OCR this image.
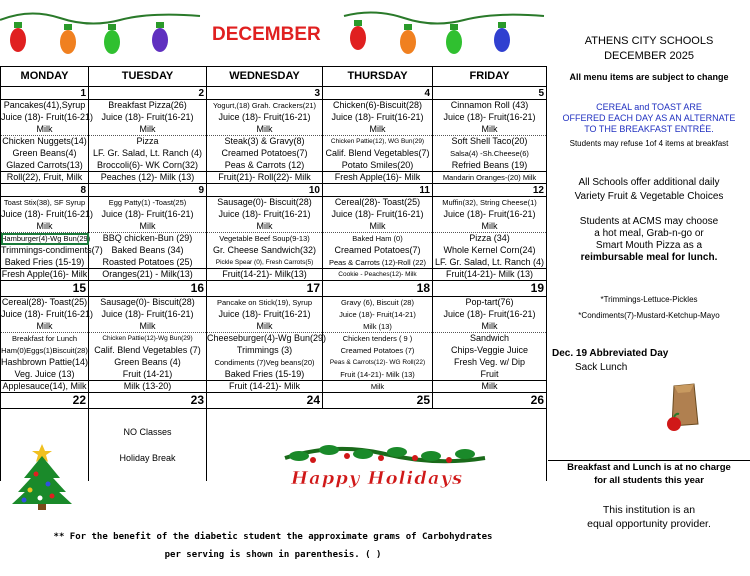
DECEMBER	ATHENS CITY SCHOOLS
DECEMBER 2025
MONDAY	TUESDAY	WEDNESDAY	THURSDAY	FRIDAY
1	2	3	4	5
Pancakes(41),Syrup	Breakfast Pizza(26)	Yogurt,(18) Grah. Crackers(21)	Chicken(6)-Biscuit(28)	Cinnamon Roll (43)
Juice (18)- Fruit(16-21)	Juice (18)- Fruit(16-21)	Juice (18)- Fruit(16-21)	Juice (18)- Fruit(16-21)	Juice (18)- Fruit(16-21)
Milk	Milk	Milk	Milk	Milk
Chicken Nuggets(14)	Pizza	Steak(3) & Gravy(8)	Chicken Pattie(12), WG Bun(29)	Soft Shell Taco(20)
Green Beans(4)	LF. Gr. Salad, Lt. Ranch (4)	Creamed Potatoes(7)	Calif. Blend Vegetables(7)	Salsa(4) -Sh.Cheese(6)
Glazed Carrots(13)	Broccoli(6)- WK Corn(32)	Peas & Carrots (12)	Potato Smiles(20)	Refried Beans (19)
Roll(22), Fruit, Milk	Peaches (12)- Milk (13)	Fruit(21)- Roll(22)- Milk	Fresh Apple(16)- Milk	Mandarin Oranges-(20) Milk
8	9	10	11	12
Toast Stix(38), SF Syrup	Egg Patty(1) -Toast(25)	Sausage(0)- Biscuit(28)	Cereal(28)- Toast(25)	Muffin(32), String Cheese(1)
Juice (18)- Fruit(16-21)	Juice (18)- Fruit(16-21)	Juice (18)- Fruit(16-21)	Juice (18)- Fruit(16-21)	Juice (18)- Fruit(16-21)
Milk	Milk	Milk	Milk	Milk
Hamburger(4)-Wg Bun(29)	BBQ chicken-Bun (29)	Vegetable Beef Soup(9-13)	Baked Ham (0)	Pizza (34)
Trimmings-condiments(7)	Baked Beans (34)	Gr. Cheese Sandwich(32)	Creamed Potatoes(7)	Whole Kernel Corn(24)
Baked Fries (15-19)	Roasted Potatoes (25)	Pickle Spear (0), Fresh Carrots(5)	Peas & Carrots (12)-Roll (22)	LF. Gr. Salad, Lt. Ranch (4)
Fresh Apple(16)- Milk	Oranges(21) - Milk(13)	Fruit(14-21)- Milk(13)	Cookie - Peaches(12)- Milk	Fruit(14-21)- Milk (13)
15	16	17	18	19
Cereal(28)- Toast(25)	Sausage(0)- Biscuit(28)	Pancake on Stick(19), Syrup	Gravy (6), Biscuit (28)	Pop-tart(76)
Juice (18)- Fruit(16-21)	Juice (18)- Fruit(16-21)	Juice (18)- Fruit(16-21)	Juice (18)- Fruit(14-21)	Juice (18)- Fruit(16-21)
Milk	Milk	Milk	Milk (13)	Milk
Breakfast for Lunch	Chicken Pattie(12)-Wg Bun(29)	Cheeseburger(4)-Wg Bun(29)	Chicken tenders ( 9 )	Sandwich
Ham(0)Eggs(1)Biscuit(28)	Calif. Blend Vegetables (7)	Trimmings (3)	Creamed Potatoes (7)	Chips-Veggie Juice
Hashbrown Pattie(14)	Green Beans (4)	Condiments (7)Veg beans(20)	Peas & Carrots(12)- WG Roll(22)	Fresh Veg. w/ Dip
Veg. Juice (13)	Fruit (14-21)	Baked Fries (15-19)	Fruit (14-21)- Milk (13)	Fruit
Applesauce(14), Milk	Milk (13-20)	Fruit (14-21)- Milk	Milk	Milk
22	23	24	25	26

	NO Classes
Holiday Break			

Happy Holidays
All menu items are subject to change
CEREAL and TOAST ARE
OFFERED EACH DAY AS AN ALTERNATE
TO THE BREAKFAST ENTRÉE.
Students may refuse 1of 4 items at breakfast
All Schools offer additional daily
Variety Fruit & Vegetable Choices
Students at ACMS may choose
a hot meal, Grab-n-go or
Smart Mouth Pizza as a
reimbursable meal for lunch.
*Trimmings-Lettuce-Pickles
*Condiments(7)-Mustard-Ketchup-Mayo
Dec. 19 Abbreviated Day
Sack Lunch
Breakfast and Lunch is at no charge
for all students this year
This institution is an
equal opportunity provider.
** For the benefit of the diabetic student the approximate grams of Carbohydrates
per serving is shown in parenthesis. ( )
